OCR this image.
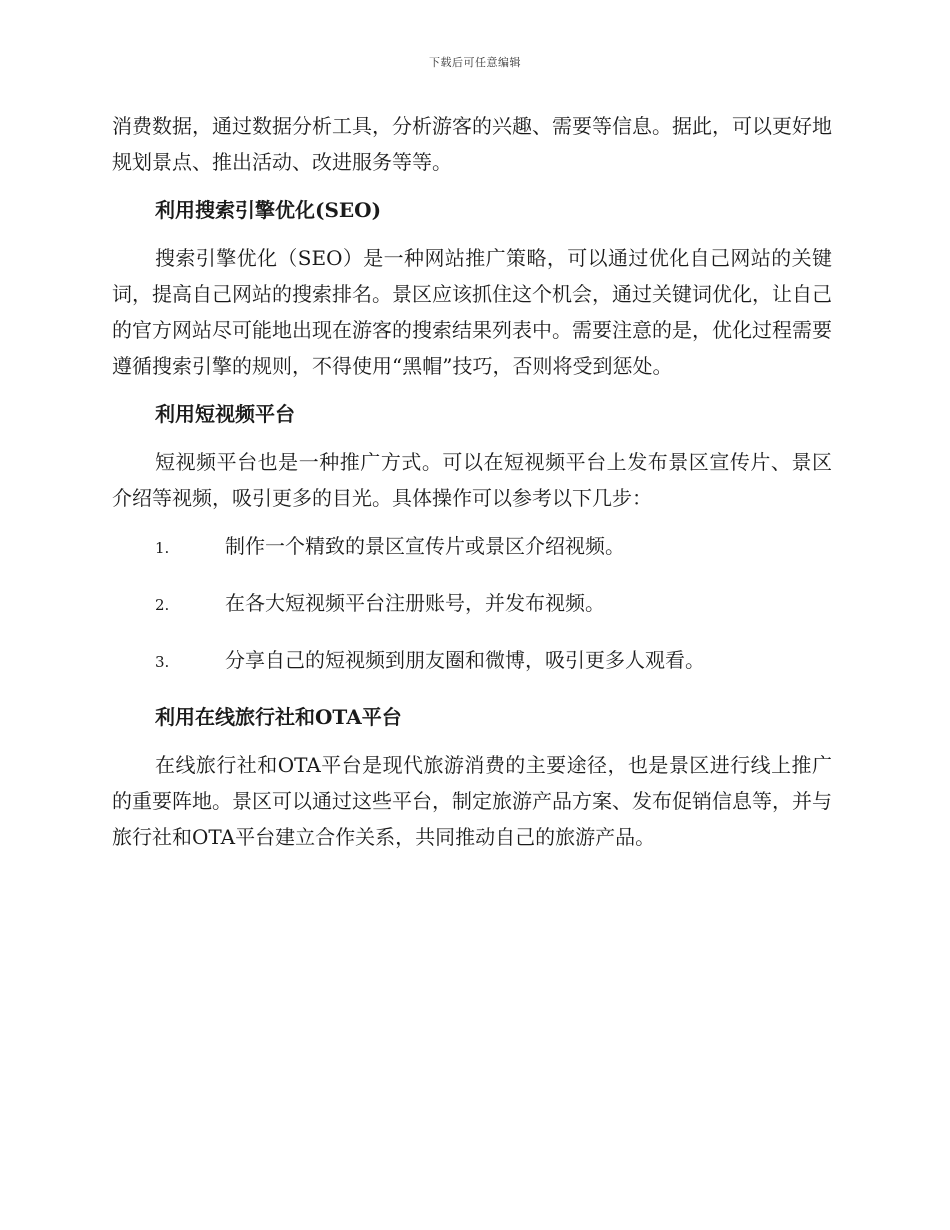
下载后可任意编辑

消费数据，通过数据分析工具，分析游客的兴趣、需要等信息。据此，可以更好地规划景点、推出活动、改进服务等等。

利用搜索引擎优化(SEO)

搜索引擎优化（SEO）是一种网站推广策略，可以通过优化自己网站的关键词，提高自己网站的搜索排名。景区应该抓住这个机会，通过关键词优化，让自己的官方网站尽可能地出现在游客的搜索结果列表中。需要注意的是，优化过程需要遵循搜索引擎的规则，不得使用“黑帽”技巧，否则将受到惩处。

利用短视频平台

短视频平台也是一种推广方式。可以在短视频平台上发布景区宣传片、景区介绍等视频，吸引更多的目光。具体操作可以参考以下几步：

1.	制作一个精致的景区宣传片或景区介绍视频。
2.	在各大短视频平台注册账号，并发布视频。
3.	分享自己的短视频到朋友圈和微博，吸引更多人观看。
利用在线旅行社和OTA平台

在线旅行社和OTA平台是现代旅游消费的主要途径，也是景区进行线上推广的重要阵地。景区可以通过这些平台，制定旅游产品方案、发布促销信息等，并与旅行社和OTA平台建立合作关系，共同推动自己的旅游产品。
